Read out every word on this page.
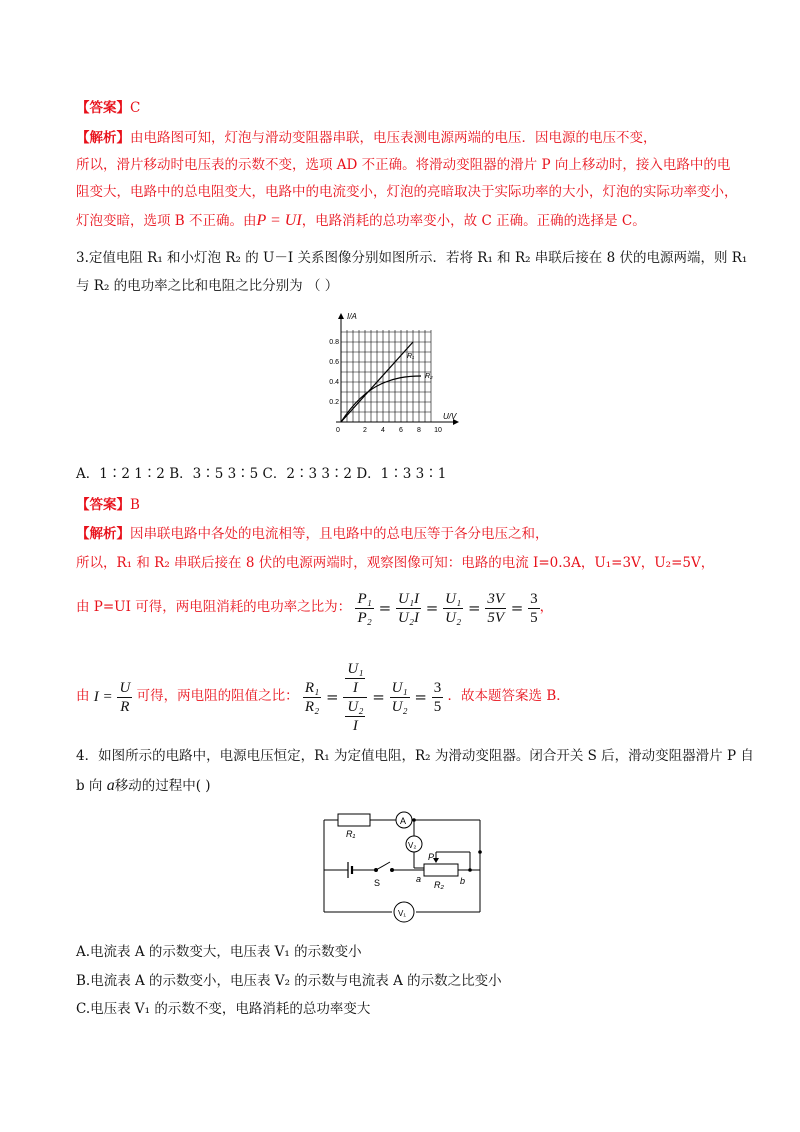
【答案】C
【解析】由电路图可知，灯泡与滑动变阻器串联，电压表测电源两端的电压．因电源的电压不变，
所以，滑片移动时电压表的示数不变，选项 AD 不正确。将滑动变阻器的滑片 P 向上移动时，接入电路中的电
阻变大，电路中的总电阻变大，电路中的电流变小，灯泡的亮暗取决于实际功率的大小，灯泡的实际功率变小，
灯泡变暗，选项 B 不正确。由P = UI，电路消耗的总功率变小，故 C 正确。正确的选择是 C。
3.定值电阻 R₁ 和小灯泡 R₂ 的 U－I 关系图像分别如图所示．若将 R₁ 和 R₂ 串联后接在 8 伏的电源两端，则 R₁
与 R₂ 的电功率之比和电阻之比分别为 （ ）
I/A
U/V
R₁
R₂
0	2 4 6 8 10
0.2
0.4
0.6
0.8
A．1∶2 1∶2 B．3∶5 3∶5 C．2∶3 3∶2 D．1∶3 3∶1
【答案】B
【解析】因串联电路中各处的电流相等，且电路中的总电压等于各分电压之和，
所以，R₁ 和 R₂ 串联后接在 8 伏的电源两端时，观察图像可知：电路的电流 I=0.3A，U₁=3V，U₂=5V，
由 P=UI 可得，两电阻消耗的电功率之比为： $\frac{\text{P₁}}{\text{P₂}} = \frac{\text{U₁I}}{\text{U₂I}} = \frac{\text{U₁}}{\text{U₂}} = \frac{3V}{5V} = \frac{3}{5}$ ，
由 $I = \frac{U}{R}$ 可得，两电阻的阻值之比： $\frac{\text{R₁}}{\text{R₂}} = \frac{\frac{\text{U₁}}{I}}{\frac{\text{U₂}}{I}} = \frac{\text{U₁}}{\text{U₂}} = \frac{3}{5}$ ．故本题答案选 B．
4．如图所示的电路中，电源电压恒定，R₁ 为定值电阻，R₂ 为滑动变阻器。闭合开关 S 后，滑动变阻器滑片 P 自
b 向 a移动的过程中( )
R₁
A
V₂
P
S	a
R₂ b
V₁
A.电流表 A 的示数变大，电压表 V₁ 的示数变小
B.电流表 A 的示数变小，电压表 V₂ 的示数与电流表 A 的示数之比变小
C.电压表 V₁ 的示数不变，电路消耗的总功率变大
